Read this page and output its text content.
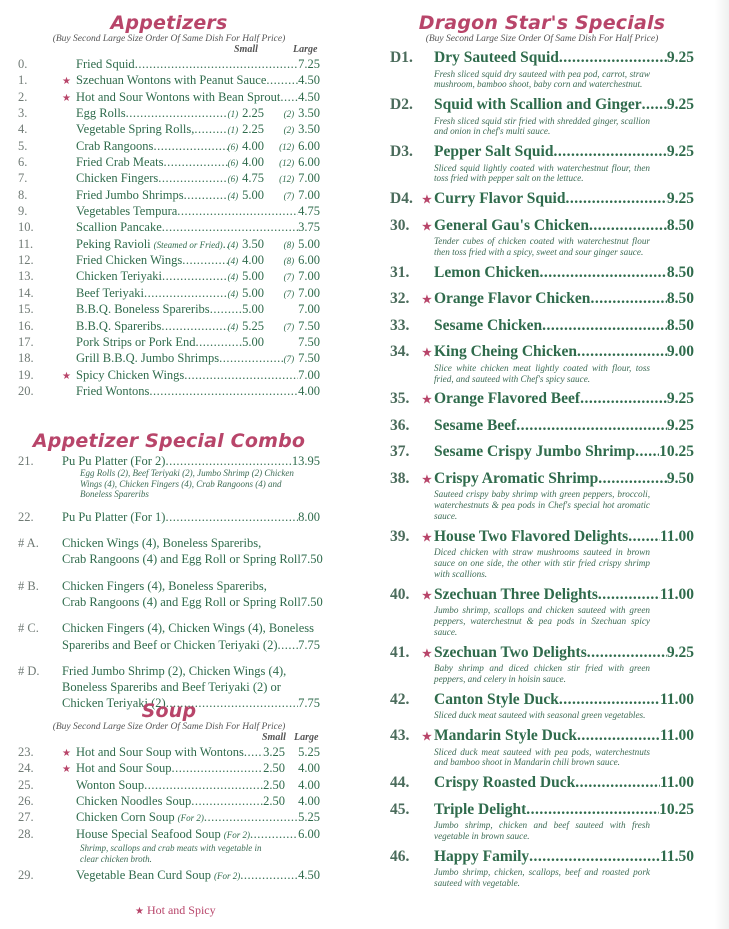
Appetizers
(Buy Second Large Size Order Of Same Dish For Half Price)
Small	Large
0.	Fried Squid .....	7.25
1.	★ Szechuan Wontons with Peanut Sauce .....	4.50
2.	★ Hot and Sour Wontons with Bean Sprout ..... 4.50
3.	Egg Rolls .....	(1) 2.25	(2) 3.50
4.	Vegetable Spring Rolls, .....	(1) 2.25	(2) 3.50
5.	Crab Rangoons .....	(6) 4.00	(12) 6.00
6.	Fried Crab Meats .....	(6) 4.00	(12) 6.00
7.	Chicken Fingers .....	(6) 4.75	(12) 7.00
8.	Fried Jumbo Shrimps .....	(4) 5.00	(7) 7.00
9.	Vegetables Tempura .....	4.75
10.	Scallion Pancake .....	3.75
11.	Peking Ravioli (Steamed or Fried) ..... (4) 3.50	(8) 5.00
12.	Fried Chicken Wings .....	(4) 4.00	(8) 6.00
13.	Chicken Teriyaki .....	(4) 5.00	(7) 7.00
14.	Beef Teriyaki .....	(4) 5.00	(7) 7.00
15.	B.B.Q. Boneless Spareribs .....	5.00	7.00
16.	B.B.Q. Spareribs .....	(4) 5.25	(7) 7.50
17.	Pork Strips or Pork End .....	5.00	7.50
18.	Grill B.B.Q. Jumbo Shrimps .....	(7) 7.50
19.	★ Spicy Chicken Wings .....	7.00
20.	Fried Wontons .....	4.00
Appetizer Special Combo
21.	Pu Pu Platter (For 2) .....	13.95
Egg Rolls (2), Beef Teriyaki (2), Jumbo Shrimp (2) Chicken Wings (4), Chicken Fingers (4), Crab Rangoons (4) and Boneless Spareribs
22.	Pu Pu Platter (For 1) .....	8.00
# A.	Chicken Wings (4), Boneless Spareribs,
Crab Rangoons (4) and Egg Roll or Spring Roll 7.50
# B.	Chicken Fingers (4), Boneless Spareribs,
Crab Rangoons (4) and Egg Roll or Spring Roll 7.50
# C.	Chicken Fingers (4), Chicken Wings (4), Boneless
Spareribs and Beef or Chicken Teriyaki (2) ..... 7.75
# D.	Fried Jumbo Shrimp (2), Chicken Wings (4),
Boneless Spareribs and Beef Teriyaki (2) or
Chicken Teriyaki (2) .....	7.75
Soup
(Buy Second Large Size Order Of Same Dish For Half Price)
Small Large
23.	★ Hot and Sour Soup with Wontons ..... 3.25	5.25
24.	★ Hot and Sour Soup .....	2.50	4.00
25.	Wonton Soup .....	2.50	4.00
26.	Chicken Noodles Soup .....	2.50	4.00
27.	Chicken Corn Soup (For 2) .....	5.25
28.	House Special Seafood Soup (For 2) .....	6.00
Shrimp, scallops and crab meats with vegetable in clear chicken broth.
29.	Vegetable Bean Curd Soup (For 2) .....	4.50
★ Hot and Spicy
Dragon Star's Specials
(Buy Second Large Size Order Of Same Dish For Half Price)
D1.	Dry Sauteed Squid .....	9.25
Fresh sliced squid dry sauteed with pea pod, carrot, straw mushroom, bamboo shoot, baby corn and waterchestnut.
D2.	Squid with Scallion and Ginger ..... 9.25
Fresh sliced squid stir fried with shredded ginger, scallion and onion in chef's multi sauce.
D3.	Pepper Salt Squid .....	9.25
Sliced squid lightly coated with waterchestnut flour, then toss fried with pepper salt on the lettuce.
D4. ★ Curry Flavor Squid .....	9.25
30.	★ General Gau's Chicken .....	8.50
Tender cubes of chicken coated with waterchestnut flour then toss fried with a spicy, sweet and sour ginger sauce.
31.	Lemon Chicken .....	8.50
32.	★ Orange Flavor Chicken .....	8.50
33.	Sesame Chicken .....	8.50
34.	★ King Cheing Chicken .....	9.00
Slice white chicken meat lightly coated with flour, toss fried, and sauteed with Chef's spicy sauce.
35.	★ Orange Flavored Beef .....	9.25
36.	Sesame Beef .....	9.25
37.	Sesame Crispy Jumbo Shrimp ..... 10.25
38.	★ Crispy Aromatic Shrimp .....	9.50
Sauteed crispy baby shrimp with green peppers, broccoli, waterchestnuts & pea pods in Chef's special hot aromatic sauce.
39.	★ House Two Flavored Delights ..... 11.00
Diced chicken with straw mushrooms sauteed in brown sauce on one side, the other with stir fried crispy shrimp with scallions.
40.	★ Szechuan Three Delights .....	11.00
Jumbo shrimp, scallops and chicken sauteed with green peppers, waterchestnut & pea pods in Szechuan spicy sauce.
41.	★ Szechuan Two Delights .....	9.25
Baby shrimp and diced chicken stir fried with green peppers, and celery in hoisin sauce.
42.	Canton Style Duck .....	11.00
Sliced duck meat sauteed with seasonal green vegetables.
43.	★ Mandarin Style Duck .....	11.00
Sliced duck meat sauteed with pea pods, waterchestnuts and bamboo shoot in Mandarin chili brown sauce.
44.	Crispy Roasted Duck .....	11.00
45.	Triple Delight .....	10.25
Jumbo shrimp, chicken and beef sauteed with fresh vegetable in brown sauce.
46.	Happy Family .....	11.50
Jumbo shrimp, chicken, scallops, beef and roasted pork sauteed with vegetable.
